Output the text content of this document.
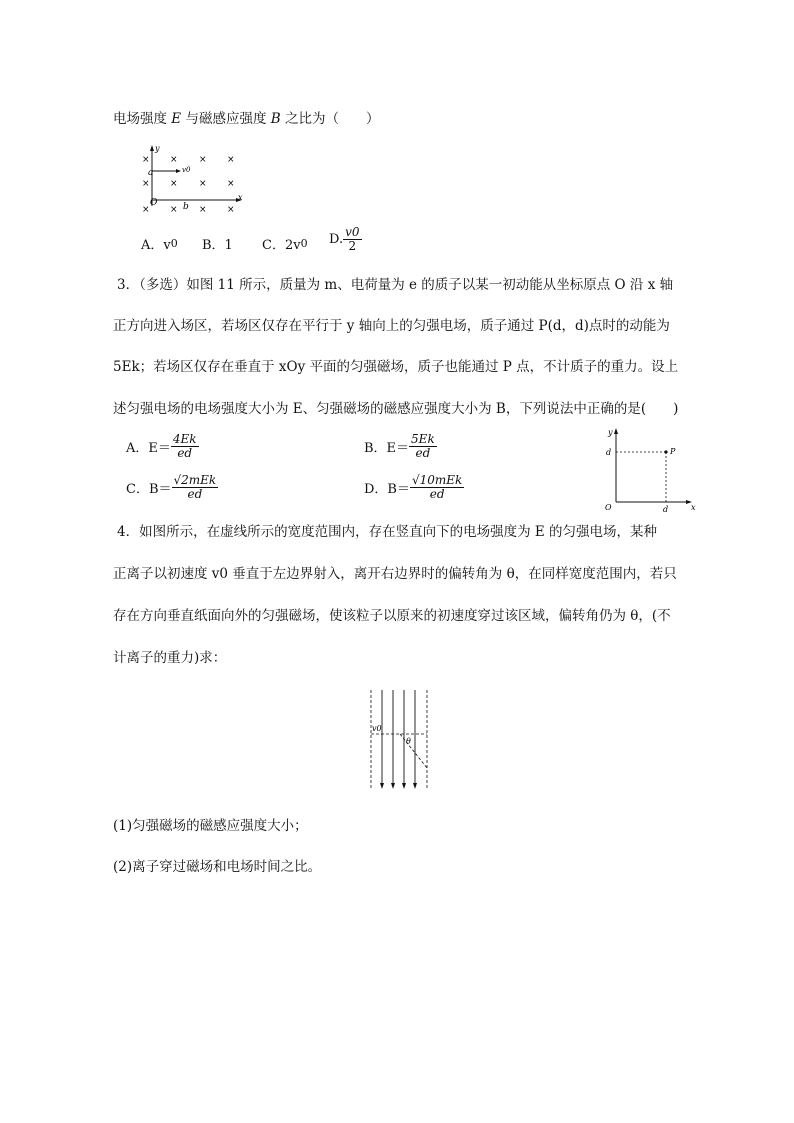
电场强度 E 与磁感应强度 B 之比为（　　）
y
x
a
b
O
v0
× × × ×
× × × ×
× × × ×
A．v 0 B．1 C．2v 0 D. $\frac{v0}{2}$
3．（多选）如图 11 所示，质量为 m、电荷量为 e 的质子以某一初动能从坐标原点 O 沿 x 轴
正方向进入场区，若场区仅存在平行于 y 轴向上的匀强电场，质子通过 P(d，d)点时的动能为
5Ek；若场区仅存在垂直于 xOy 平面的匀强磁场，质子也能通过 P 点，不计质子的重力。设上
述匀强电场的电场强度大小为 E、匀强磁场的磁感应强度大小为 B，下列说法中正确的是(　　)
A．$E= \frac{4Ek}{ed}$	B．$E= \frac{5Ek}{ed}$
C．$B= \frac{\text{√2mEk}}{ed}$	D．$B= \frac{\text{√10mEk}}{ed}$
y
x
O
d
d
P
4．如图所示，在虚线所示的宽度范围内，存在竖直向下的电场强度为 E 的匀强电场，某种
正离子以初速度 v0 垂直于左边界射入，离开右边界时的偏转角为 θ，在同样宽度范围内，若只
存在方向垂直纸面向外的匀强磁场，使该粒子以原来的初速度穿过该区域，偏转角仍为 θ，(不
计离子的重力)求：
v0
θ
(1)匀强磁场的磁感应强度大小；
(2)离子穿过磁场和电场时间之比。
